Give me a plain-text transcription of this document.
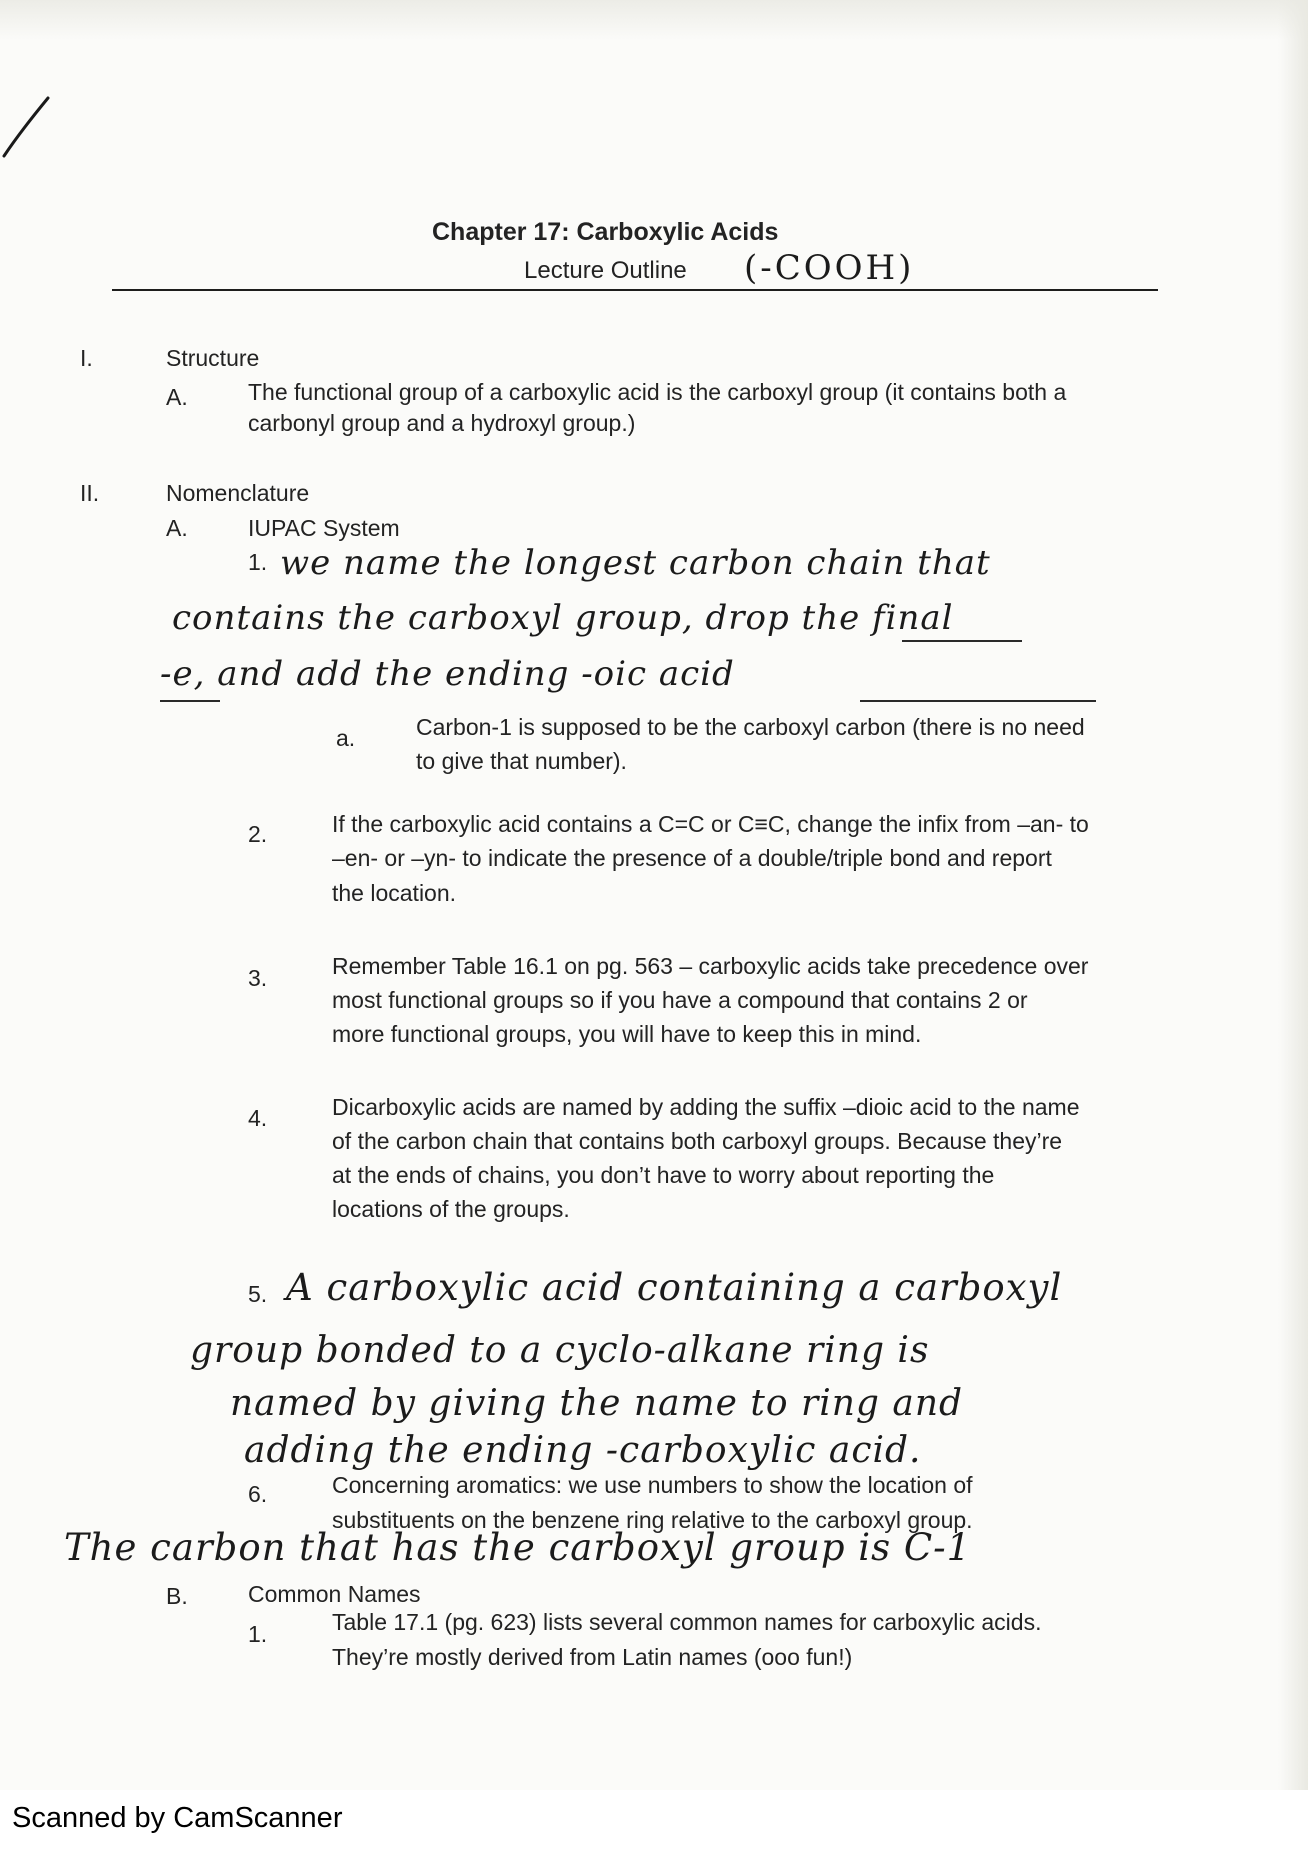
Chapter 17: Carboxylic Acids
Lecture Outline (-COOH)
I.	Structure
A.	The functional group of a carboxylic acid is the carboxyl group (it contains both a
carbonyl group and a hydroxyl group.)
II.	Nomenclature
A.	IUPAC System
1. we name the longest carbon chain that
contains the carboxyl group, drop the final
-e, and add the ending -oic acid
a.	Carbon-1 is supposed to be the carboxyl carbon (there is no need
to give that number).
2.	If the carboxylic acid contains a C=C or C≡C, change the infix from –an- to
–en- or –yn- to indicate the presence of a double/triple bond and report
the location.
3.	Remember Table 16.1 on pg. 563 – carboxylic acids take precedence over
most functional groups so if you have a compound that contains 2 or
more functional groups, you will have to keep this in mind.
4.	Dicarboxylic acids are named by adding the suffix –dioic acid to the name
of the carbon chain that contains both carboxyl groups. Because they’re
at the ends of chains, you don’t have to worry about reporting the
locations of the groups.
5. A carboxylic acid containing a carboxyl
group bonded to a cyclo-alkane ring is
named by giving the name to ring and
adding the ending -carboxylic acid.
6.	Concerning aromatics: we use numbers to show the location of
substituents on the benzene ring relative to the carboxyl group.
The carbon that has the carboxyl group is C-1
B.	Common Names
1.	Table 17.1 (pg. 623) lists several common names for carboxylic acids.
They’re mostly derived from Latin names (ooo fun!)
Scanned by CamScanner
